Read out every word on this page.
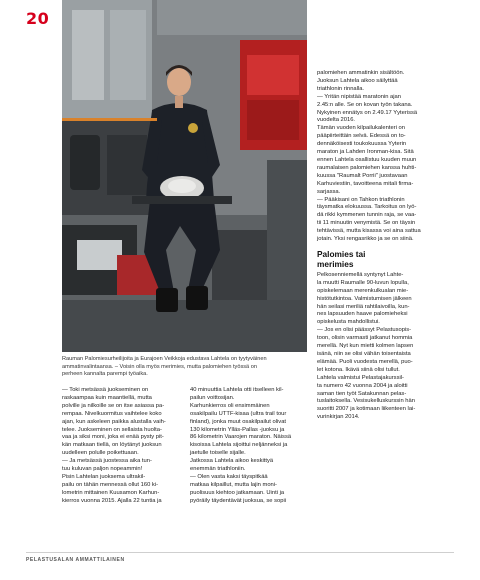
20

Rauman Palomiesurheilijoita ja Eurajoen Veikkoja edustava Lahtela on tyytyväinen

ammatinvalintaansa. – Voisin olla myös merimies, mutta palomiehen työssä on

perheen kannalta parempi työaika.

— Toki metsässä juokseminen on

raskaampaa kuin maantiellä, mutta

polville ja nilkoille se on itse asiassa pa-

rempaa. Nivelkuormitus vaihtelee koko

ajan, kun askeleen paikka alustalla vaih-

telee. Juokseminen on sellaista huolta-

vaa ja siksi moni, joka ei enää pysty pit-

kän matkaan tiellä, on löytänyt juoksun

uudelleen polulle poikettuaan.

— Ja metsässä juostessa aika tun-

tuu kuluvan paljon nopeammin!

Pisin Lahtelan juoksema ultrakil-

pailu on tähän mennessä ollut 160 ki-

lometrin mittainen Kuusamon Karhun-

kierros vuonna 2015. Ajalla 22 tuntia ja

40 minuuttia Lahtela otti itselleen kil-

pailun voittosijan.

Karhunkierros oli ensimmäinen

osakilpailu UTTF-kisaa (ultra trail tour

finland), jonka muut osakilpailut olivat

130 kilometrin Ylläs-Pallas -juoksu ja

86 kilometrin Vaarojen maraton. Näissä

kisoissa Lahtela sijoittui neljänneksi ja

jaetulle toiselle sijalle.

Jatkossa Lahtela aikoo keskittyä

enemmän triathloniin.

— Olen vasta kaksi täyspitkää

matkaa kilpaillut, mutta lajin moni-

puolisuus kiehtoo jatkamaan. Uinti ja

pyöräily täydentävät juoksua, se sopii

palomiehen ammatinkin sisältöön.

Juoksun Lahtela aikoo säilyttää

triathlonin rinnalla.

— Yritän nipistää maratonin ajan

2.45:n alle. Se on kovan työn takana.

Nykyinen ennätys on 2.49.17 Yyterissä

vuodelta 2016.

Tämän vuoden kilpailukalenteri on

pääpiirteittäin selvä. Edessä on to-

dennäköisesti toukokuussa Yyterin

maraton ja Lahden Ironman-kisa. Sitä

ennen Lahtela osallistuu kuuden muun

raumalaisen palomiehen kanssa huhti-

kuussa "Raumalt Porrii" juostavaan

Karhuviestiin, tavoitteena mitali firma-

sarjassa.

— Pääkisani on Tahkon triathlonin

täysmatka elokuussa. Tarkoitus on lyö-

dä rikki kymmenen tunnin raja, se vaa-

tii 11 minuutin venymistä. Se on täysin

tehtävissä, mutta kisassa voi aina sattua

jotain. Yksi rengasrikko ja se on siinä.

Palomies tai
merimies

Pelkosenniemellä syntynyt Lahte-

la muutti Raumalle 90-luvun lopulla,

opiskelemaan merenkulkualan mie-

histötutkintoa. Valmistumisen jälkeen

hän seilasi meriliä rahtilaivoilla, kun-

nes lapsuuden haave palomieheksi

opiskelusta mahdollistui.

— Jos en olisi päässyt Pelastusopis-

toon, olisin varmasti jatkanut hommia

merellä. Nyt kun mietti kolmen lapsen

isänä, niin se olisi vähän toisentaista

elämää. Puoli vuodesta merellä, puo-

let kotona. Ikävä siinä olisi tullut.

Lahtela valmistui Pelastajakurssil-

ta numero 42 vuonna 2004 ja aloitti

saman tien työt Satakunnan pelas-

tuslaitoksella. Vesisukelluskurssin hän

suoritti 2007 ja kotimaan liikenteen lai-

vurinkirjan 2014.

PELASTUSALAN AMMATTILAINEN
